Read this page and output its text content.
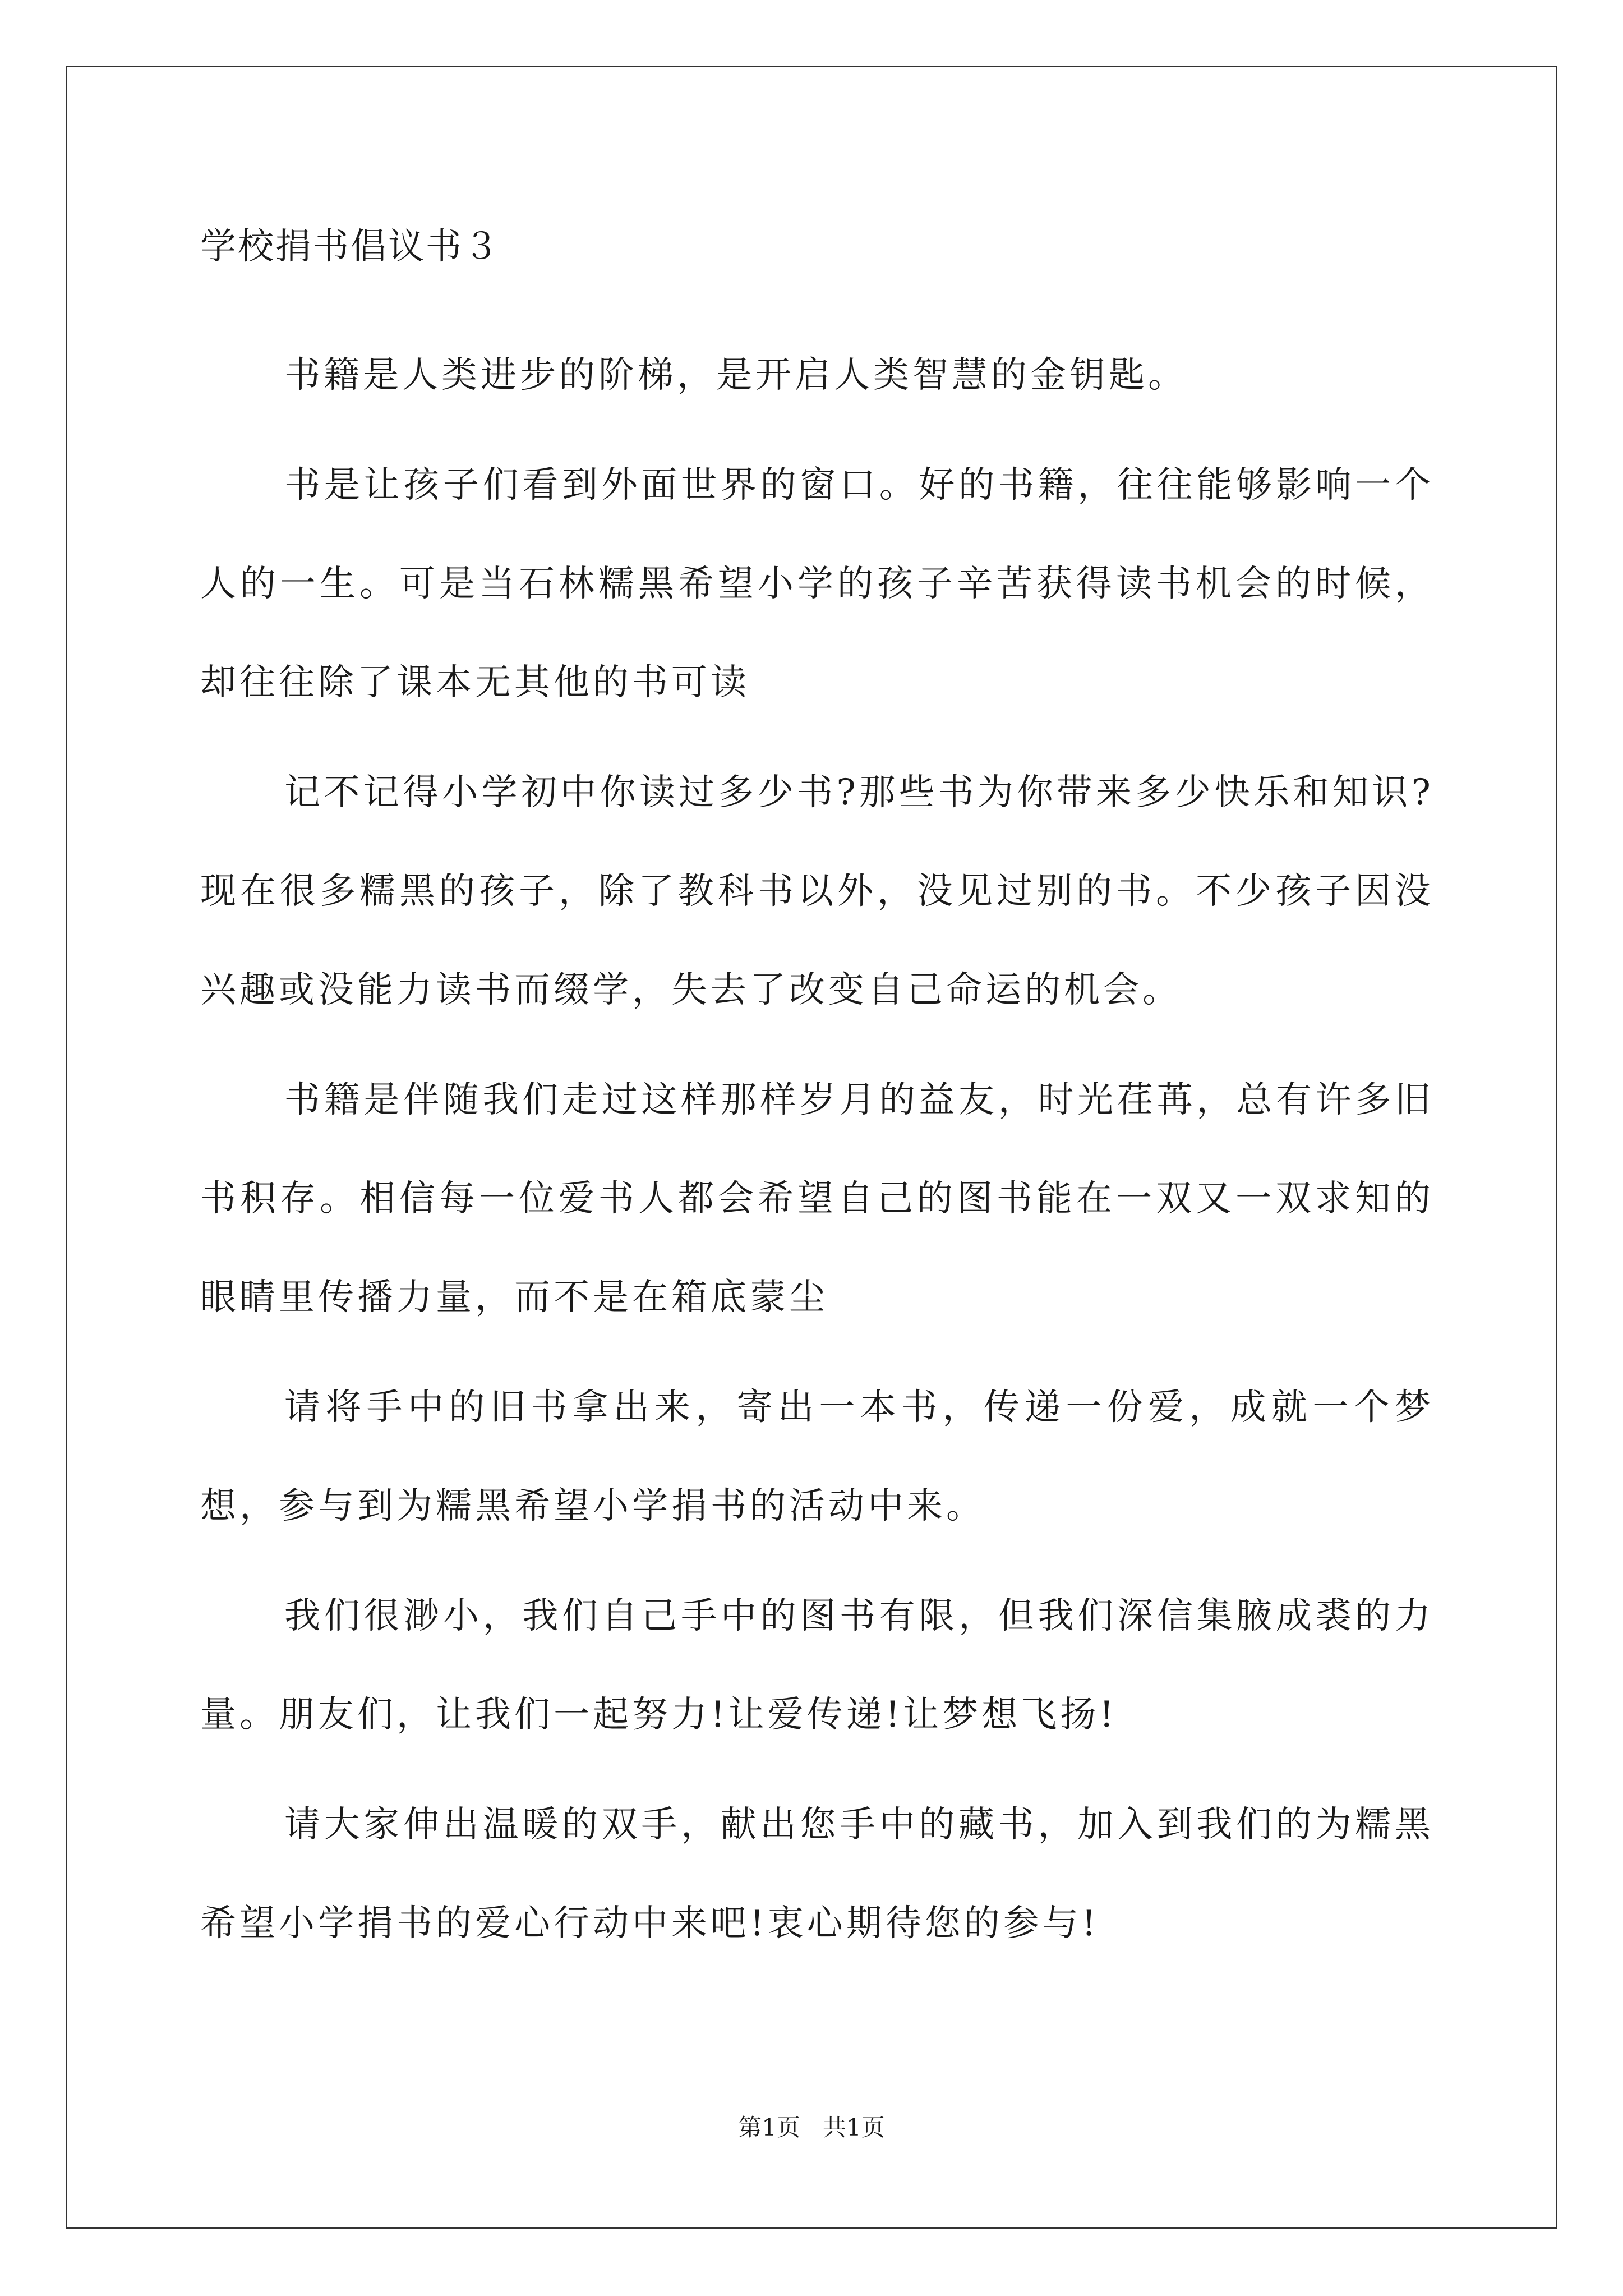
学校捐书倡议书３

书籍是人类进步的阶梯，是开启人类智慧的金钥匙。

书是让孩子们看到外面世界的窗口。好的书籍，往往能够影响一个人的一生。可是当石林糯黑希望小学的孩子辛苦获得读书机会的时候，却往往除了课本无其他的书可读

记不记得小学初中你读过多少书?那些书为你带来多少快乐和知识?现在很多糯黑的孩子，除了教科书以外，没见过别的书。不少孩子因没兴趣或没能力读书而缀学，失去了改变自己命运的机会。

书籍是伴随我们走过这样那样岁月的益友，时光荏苒，总有许多旧书积存。相信每一位爱书人都会希望自己的图书能在一双又一双求知的眼睛里传播力量，而不是在箱底蒙尘

请将手中的旧书拿出来，寄出一本书，传递一份爱，成就一个梦想，参与到为糯黑希望小学捐书的活动中来。

我们很渺小，我们自己手中的图书有限，但我们深信集腋成裘的力量。朋友们，让我们一起努力!让爱传递!让梦想飞扬!

请大家伸出温暖的双手，献出您手中的藏书，加入到我们的为糯黑希望小学捐书的爱心行动中来吧!衷心期待您的参与!

第1页   共1页
